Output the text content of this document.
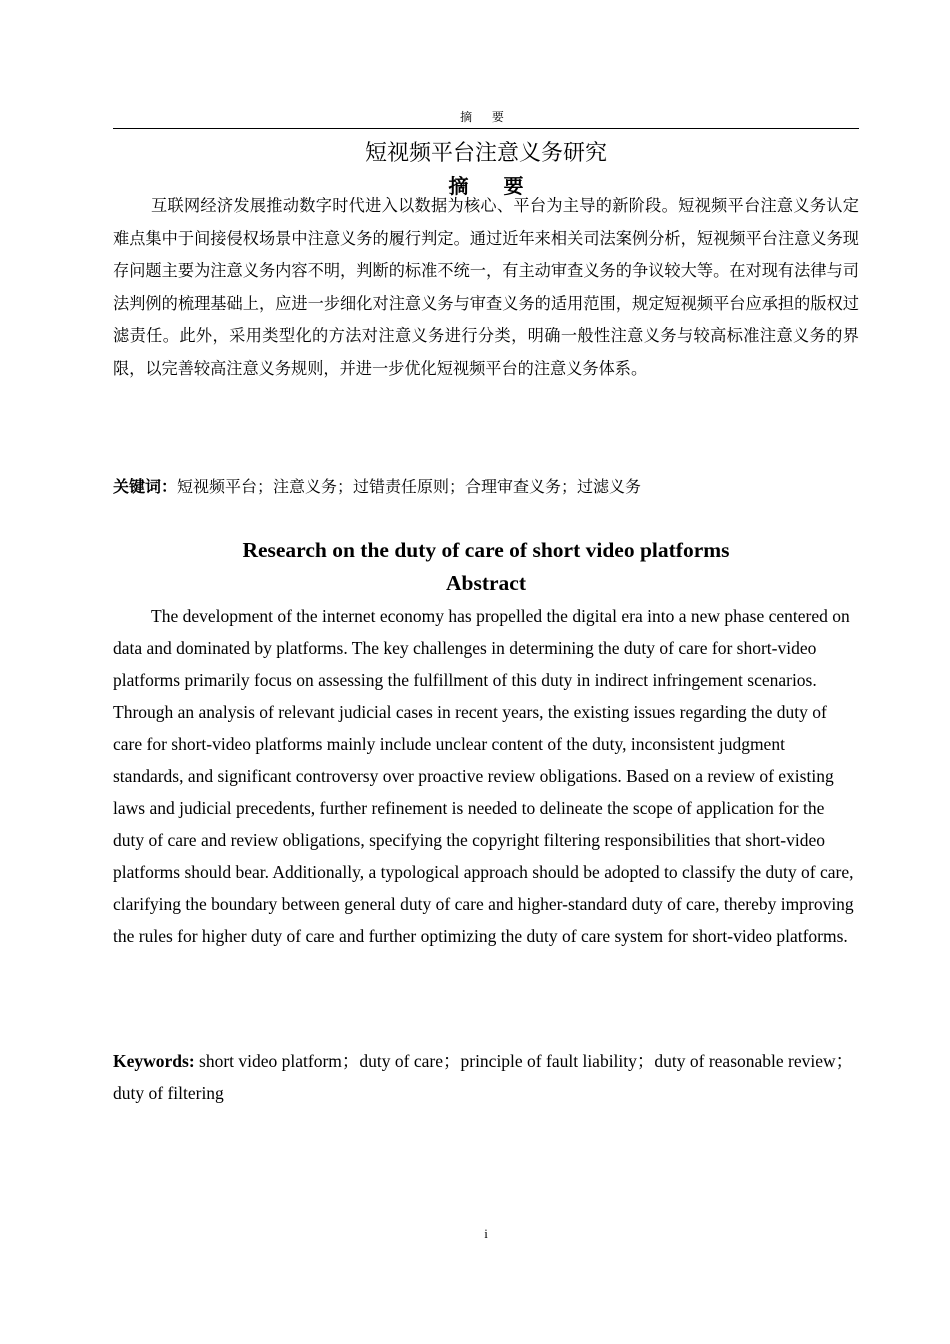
摘 要
短视频平台注意义务研究
摘 要

互联网经济发展推动数字时代进入以数据为核心、平台为主导的新阶段。短视频平台注意义务认定难点集中于间接侵权场景中注意义务的履行判定。通过近年来相关司法案例分析，短视频平台注意义务现存问题主要为注意义务内容不明，判断的标准不统一，有主动审查义务的争议较大等。在对现有法律与司法判例的梳理基础上，应进一步细化对注意义务与审查义务的适用范围，规定短视频平台应承担的版权过滤责任。此外，采用类型化的方法对注意义务进行分类，明确一般性注意义务与较高标准注意义务的界限，以完善较高注意义务规则，并进一步优化短视频平台的注意义务体系。

关键词：短视频平台；注意义务；过错责任原则；合理审查义务；过滤义务

Research on the duty of care of short video platforms
Abstract

The development of the internet economy has propelled the digital era into a new phase centered on data and dominated by platforms. The key challenges in determining the duty of care for short-video platforms primarily focus on assessing the fulfillment of this duty in indirect infringement scenarios. Through an analysis of relevant judicial cases in recent years, the existing issues regarding the duty of care for short-video platforms mainly include unclear content of the duty, inconsistent judgment standards, and significant controversy over proactive review obligations. Based on a review of existing laws and judicial precedents, further refinement is needed to delineate the scope of application for the duty of care and review obligations, specifying the copyright filtering responsibilities that short-video platforms should bear. Additionally, a typological approach should be adopted to classify the duty of care, clarifying the boundary between general duty of care and higher-standard duty of care, thereby improving the rules for higher duty of care and further optimizing the duty of care system for short-video platforms.

Keywords: short video platform；duty of care；principle of fault liability；duty of reasonable review；duty of filtering

i
